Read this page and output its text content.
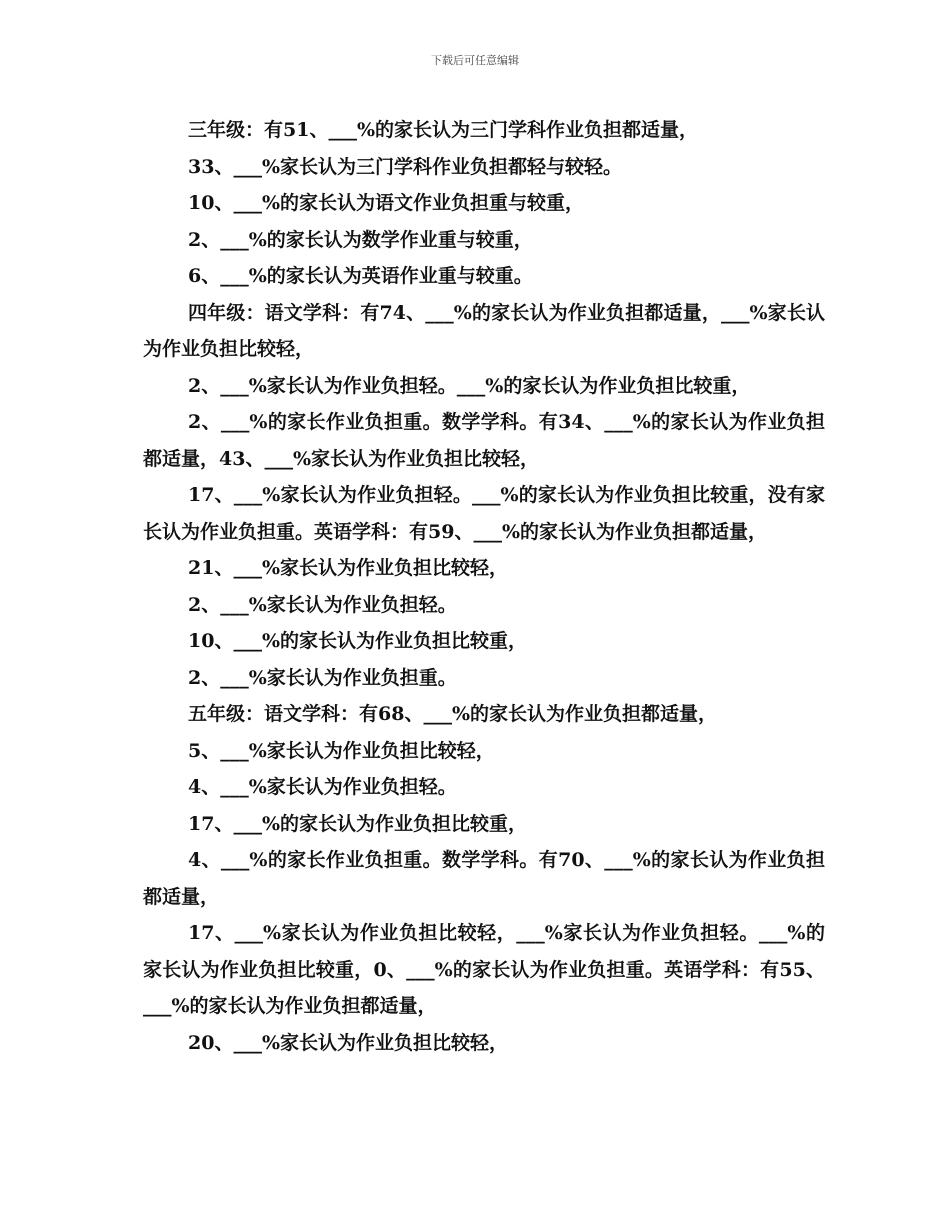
下载后可任意编辑

三年级：有51、___%的家长认为三门学科作业负担都适量，

33、___%家长认为三门学科作业负担都轻与较轻。

10、___%的家长认为语文作业负担重与较重，

2、___%的家长认为数学作业重与较重，

6、___%的家长认为英语作业重与较重。

四年级：语文学科：有74、___%的家长认为作业负担都适量，___%家长认为作业负担比较轻，

2、___%家长认为作业负担轻。___%的家长认为作业负担比较重，

2、___%的家长作业负担重。数学学科。有34、___%的家长认为作业负担都适量，43、___%家长认为作业负担比较轻，

17、___%家长认为作业负担轻。___%的家长认为作业负担比较重，没有家长认为作业负担重。英语学科：有59、___%的家长认为作业负担都适量，

21、___%家长认为作业负担比较轻，

2、___%家长认为作业负担轻。

10、___%的家长认为作业负担比较重，

2、___%家长认为作业负担重。

五年级：语文学科：有68、___%的家长认为作业负担都适量，

5、___%家长认为作业负担比较轻，

4、___%家长认为作业负担轻。

17、___%的家长认为作业负担比较重，

4、___%的家长作业负担重。数学学科。有70、___%的家长认为作业负担都适量，

17、___%家长认为作业负担比较轻，___%家长认为作业负担轻。___%的家长认为作业负担比较重，0、___%的家长认为作业负担重。英语学科：有55、___%的家长认为作业负担都适量，

20、___%家长认为作业负担比较轻，
